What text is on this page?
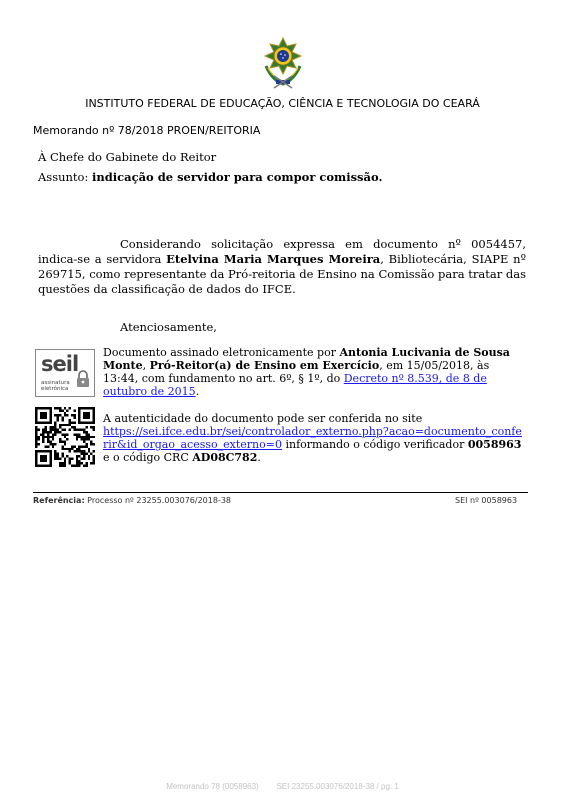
INSTITUTO FEDERAL DE EDUCAÇÃO, CIÊNCIA E TECNOLOGIA DO CEARÁ
Memorando nº 78/2018 PROEN/REITORIA
À Chefe do Gabinete do Reitor
Assunto: indicação de servidor para compor comissão.
Considerando solicitação expressa em documento nº 0054457, indica-se a servidora Etelvina Maria Marques Moreira, Bibliotecária, SIAPE nº 269715, como representante da Pró-reitoria de Ensino na Comissão para tratar das questões da classificação de dados do IFCE.
Atenciosamente,
seil
assinatura
eletrônica
Documento assinado eletronicamente por Antonia Lucivania de Sousa Monte, Pró-Reitor(a) de Ensino em Exercício, em 15/05/2018, às 13:44, com fundamento no art. 6º, § 1º, do Decreto nº 8.539, de 8 de outubro de 2015.
A autenticidade do documento pode ser conferida no site
https://sei.ifce.edu.br/sei/controlador_externo.php?acao=documento_conferir&id_orgao_acesso_externo=0 informando o código verificador 0058963 e o código CRC AD08C782.
Referência: Processo nº 23255.003076/2018-38	SEI nº 0058963
Memorando 78 (0058963)        SEI 23255.003076/2018-38 / pg. 1
